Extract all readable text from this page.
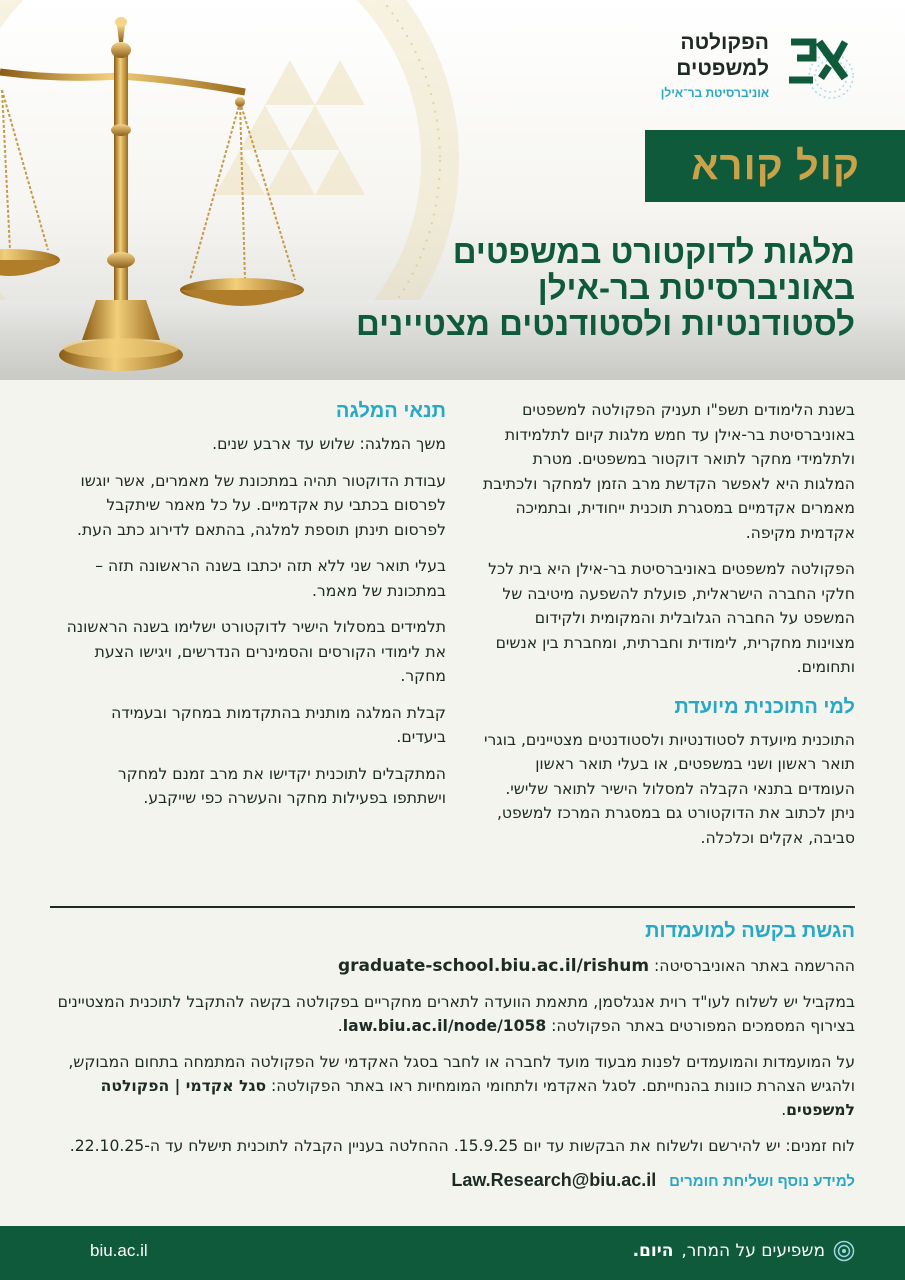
הפקולטה
למשפטים
אוניברסיטת בר־אילן
קול קורא
מלגות לדוקטורט במשפטים
באוניברסיטת בר-אילן
לסטודנטיות ולסטודנטים מצטיינים

בשנת הלימודים תשפ"ו תעניק הפקולטה למשפטים באוניברסיטת בר-אילן עד חמש מלגות קיום לתלמידות ולתלמידי מחקר לתואר דוקטור במשפטים. מטרת המלגות היא לאפשר הקדשת מרב הזמן למחקר ולכתיבת מאמרים אקדמיים במסגרת תוכנית ייחודית, ובתמיכה אקדמית מקיפה.

הפקולטה למשפטים באוניברסיטת בר-אילן היא בית לכל חלקי החברה הישראלית, פועלת להשפעה מיטיבה של המשפט על החברה הגלובלית והמקומית ולקידום מצוינות מחקרית, לימודית וחברתית, ומחברת בין אנשים ותחומים.

למי התוכנית מיועדת

התוכנית מיועדת לסטודנטיות ולסטודנטים מצטיינים, בוגרי תואר ראשון ושני במשפטים, או בעלי תואר ראשון העומדים בתנאי הקבלה למסלול הישיר לתואר שלישי. ניתן לכתוב את הדוקטורט גם במסגרת המרכז למשפט, סביבה, אקלים וכלכלה.

תנאי המלגה

משך המלגה: שלוש עד ארבע שנים.

עבודת הדוקטור תהיה במתכונת של מאמרים, אשר יוגשו לפרסום בכתבי עת אקדמיים. על כל מאמר שיתקבל לפרסום תינתן תוספת למלגה, בהתאם לדירוג כתב העת.

בעלי תואר שני ללא תזה יכתבו בשנה הראשונה תזה – במתכונת של מאמר.

תלמידים במסלול הישיר לדוקטורט ישלימו בשנה הראשונה את לימודי הקורסים והסמינרים הנדרשים, ויגישו הצעת מחקר.

קבלת המלגה מותנית בהתקדמות במחקר ובעמידה ביעדים.

המתקבלים לתוכנית יקדישו את מרב זמנם למחקר וישתתפו בפעילות מחקר והעשרה כפי שייקבע.

הגשת בקשה למועמדות

ההרשמה באתר האוניברסיטה: graduate-school.biu.ac.il/rishum

במקביל יש לשלוח לעו"ד רוית אנגלסמן, מתאמת הוועדה לתארים מחקריים בפקולטה בקשה להתקבל לתוכנית המצטיינים בצירוף המסמכים המפורטים באתר הפקולטה: law.biu.ac.il/node/1058.

על המועמדות והמועמדים לפנות מבעוד מועד לחברה או לחבר בסגל האקדמי של הפקולטה המתמחה בתחום המבוקש, ולהגיש הצהרת כוונות בהנחייתם. לסגל האקדמי ולתחומי המומחיות ראו באתר הפקולטה: סגל אקדמי | הפקולטה למשפטים.

לוח זמנים: יש להירשם ולשלוח את הבקשות עד יום 15.9.25. ההחלטה בעניין הקבלה לתוכנית תישלח עד ה-22.10.25.

למידע נוסף ושליחת חומרים Law.Research@biu.ac.il
משפיעים על המחר,
היום.
biu.ac.il
